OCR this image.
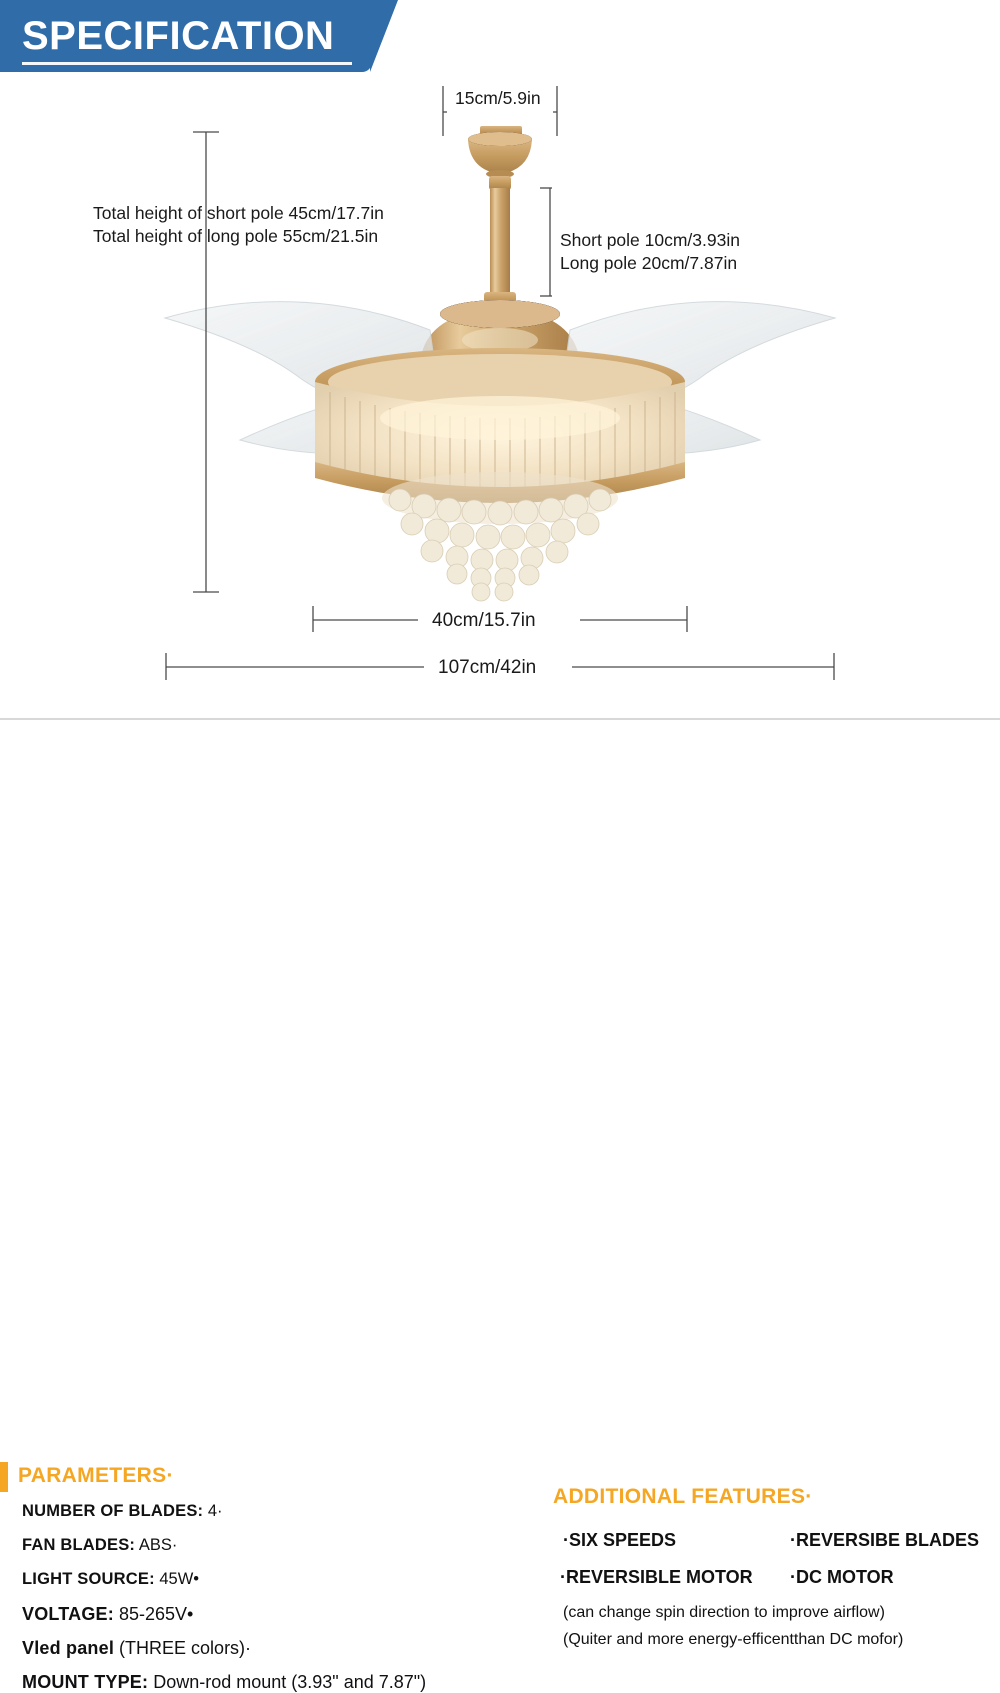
SPECIFICATION
15cm/5.9in
Total height of short pole 45cm/17.7in
Total height of long pole 55cm/21.5in	Short pole 10cm/3.93in
Long pole 20cm/7.87in
40cm/15.7in
107cm/42in
PARAMETERS·
NUMBER OF BLADES: 4·
FAN BLADES: ABS·
LIGHT SOURCE: 45W•
VOLTAGE: 85-265V•
Vled panel (THREE colors)·
MOUNT TYPE: Down-rod mount (3.93" and 7.87")
ADDITIONAL FEATURES·
·SIX SPEEDS	·REVERSIBE BLADES
·REVERSIBLE MOTOR ·DC MOTOR
(can change spin direction to improve airflow)
(Quiter and more energy-efficentthan DC mofor)
